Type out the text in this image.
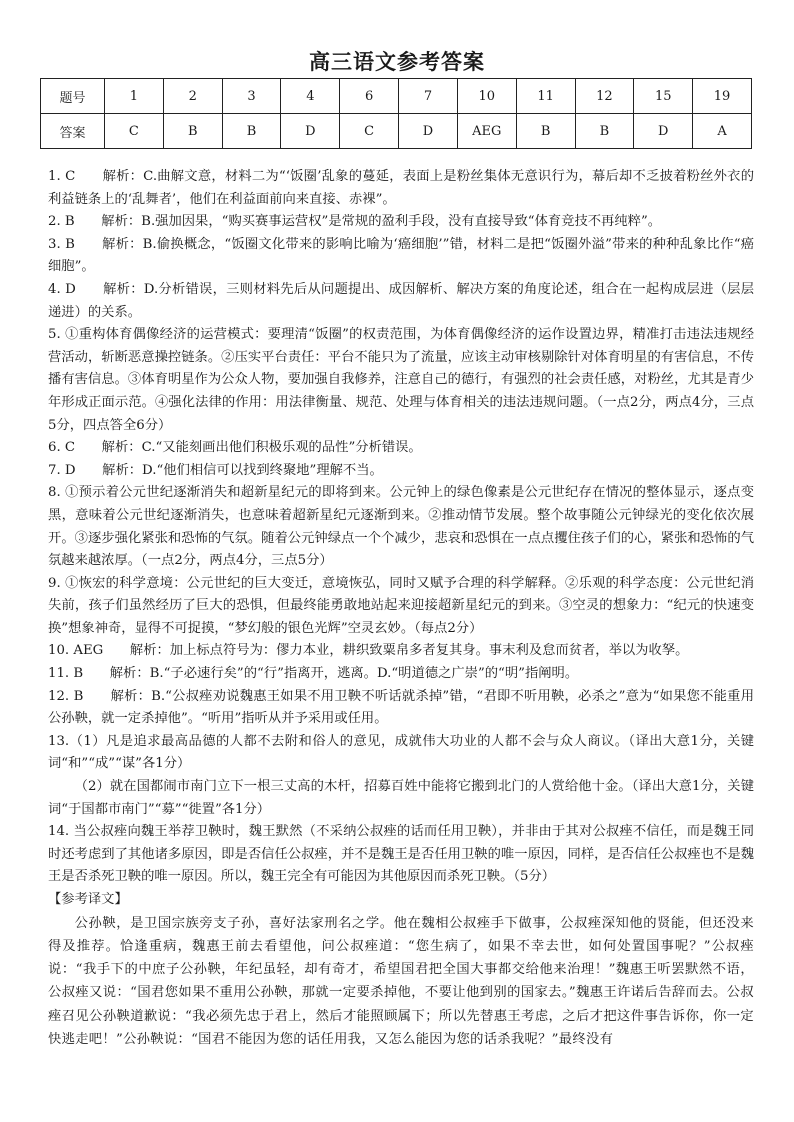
高三语文参考答案
题号	1	2	3	4	6	7	10	11	12	15	19
答案	C	B	B	D	C	D	AEG	B	B	D	A

1. C　　解析：C.曲解文意，材料二为“‘饭圈’乱象的蔓延，表面上是粉丝集体无意识行为，幕后却不乏披着粉丝外衣的利益链条上的‘乱舞者’，他们在利益面前向来直接、赤裸”。

2. B　　解析：B.强加因果，“购买赛事运营权”是常规的盈利手段，没有直接导致“体育竞技不再纯粹”。

3. B　　解析：B.偷换概念，“饭圈文化带来的影响比喻为‘癌细胞’”错，材料二是把“饭圈外溢”带来的种种乱象比作“癌细胞”。

4. D　　解析：D.分析错误，三则材料先后从问题提出、成因解析、解决方案的角度论述，组合在一起构成层进（层层递进）的关系。

5. ①重构体育偶像经济的运营模式：要理清“饭圈”的权责范围，为体育偶像经济的运作设置边界，精准打击违法违规经营活动，斩断恶意操控链条。②压实平台责任：平台不能只为了流量，应该主动审核剔除针对体育明星的有害信息，不传播有害信息。③体育明星作为公众人物，要加强自我修养，注意自己的德行，有强烈的社会责任感，对粉丝，尤其是青少年形成正面示范。④强化法律的作用：用法律衡量、规范、处理与体育相关的违法违规问题。（一点2分，两点4分，三点5分，四点答全6分）

6. C　　解析：C.“又能刻画出他们积极乐观的品性”分析错误。

7. D　　解析：D.“他们相信可以找到终聚地”理解不当。

8. ①预示着公元世纪逐渐消失和超新星纪元的即将到来。公元钟上的绿色像素是公元世纪存在情况的整体显示，逐点变黑，意味着公元世纪逐渐消失，也意味着超新星纪元逐渐到来。②推动情节发展。整个故事随公元钟绿光的变化依次展开。③逐步强化紧张和恐怖的气氛。随着公元钟绿点一个个减少，悲哀和恐惧在一点点攫住孩子们的心，紧张和恐怖的气氛越来越浓厚。（一点2分，两点4分，三点5分）

9. ①恢宏的科学意境：公元世纪的巨大变迁，意境恢弘，同时又赋予合理的科学解释。②乐观的科学态度：公元世纪消失前，孩子们虽然经历了巨大的恐惧，但最终能勇敢地站起来迎接超新星纪元的到来。③空灵的想象力：“纪元的快速变换”想象神奇，显得不可捉摸，“梦幻般的银色光辉”空灵玄妙。（每点2分）

10. AEG　　解析：加上标点符号为：僇力本业，耕织致粟帛多者复其身。事末利及怠而贫者，举以为收孥。

11. B　　解析：B.“子必速行矣”的“行”指离开，逃离。D.“明道德之广崇”的“明”指阐明。

12. B　　解析：B.“公叔痤劝说魏惠王如果不用卫鞅不听话就杀掉”错，“君即不听用鞅，必杀之”意为“如果您不能重用公孙鞅，就一定杀掉他”。“听用”指听从并予采用或任用。

13.（1）凡是追求最高品德的人都不去附和俗人的意见，成就伟大功业的人都不会与众人商议。（译出大意1分，关键词“和”“成”“谋”各1分）

（2）就在国都闹市南门立下一根三丈高的木杆，招募百姓中能将它搬到北门的人赏给他十金。（译出大意1分，关键词“于国都市南门”“募”“徙置”各1分）

14. 当公叔痤向魏王举荐卫鞅时，魏王默然（不采纳公叔痤的话而任用卫鞅），并非由于其对公叔痤不信任，而是魏王同时还考虑到了其他诸多原因，即是否信任公叔痤，并不是魏王是否任用卫鞅的唯一原因，同样，是否信任公叔痤也不是魏王是否杀死卫鞅的唯一原因。所以，魏王完全有可能因为其他原因而杀死卫鞅。（5分）

【参考译文】

公孙鞅，是卫国宗族旁支子孙，喜好法家刑名之学。他在魏相公叔痤手下做事，公叔痤深知他的贤能，但还没来得及推荐。恰逢重病，魏惠王前去看望他，问公叔痤道：“您生病了，如果不幸去世，如何处置国事呢？”公叔痤说：“我手下的中庶子公孙鞅，年纪虽轻，却有奇才，希望国君把全国大事都交给他来治理！”魏惠王听罢默然不语，公叔痤又说：“国君您如果不重用公孙鞅，那就一定要杀掉他，不要让他到别的国家去。”魏惠王许诺后告辞而去。公叔痤召见公孙鞅道歉说：“我必须先忠于君上，然后才能照顾属下；所以先替惠王考虑，之后才把这件事告诉你，你一定快逃走吧！”公孙鞅说：“国君不能因为您的话任用我，又怎么能因为您的话杀我呢？”最终没有
